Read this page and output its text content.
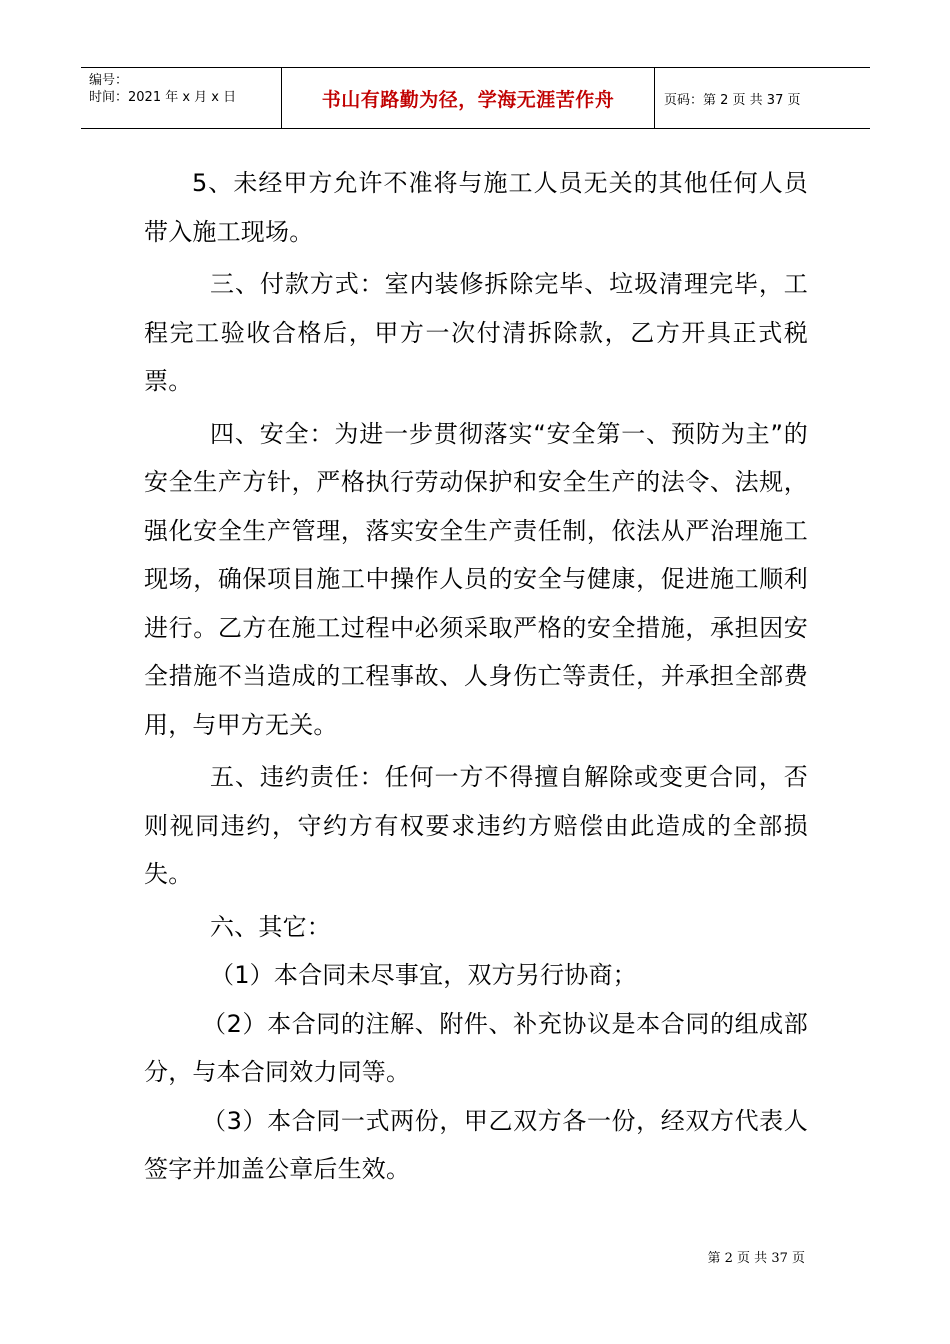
编号：
时间：2021 年 x 月 x 日	书山有路勤为径，学海无涯苦作舟	页码：第 2 页 共 37 页

5、未经甲方允许不准将与施工人员无关的其他任何人员带入施工现场。

三、付款方式：室内装修拆除完毕、垃圾清理完毕，工程完工验收合格后，甲方一次付清拆除款，乙方开具正式税票。

四、安全：为进一步贯彻落实“安全第一、预防为主”的安全生产方针，严格执行劳动保护和安全生产的法令、法规，强化安全生产管理，落实安全生产责任制，依法从严治理施工现场，确保项目施工中操作人员的安全与健康，促进施工顺利进行。乙方在施工过程中必须采取严格的安全措施，承担因安全措施不当造成的工程事故、人身伤亡等责任，并承担全部费用，与甲方无关。

五、违约责任：任何一方不得擅自解除或变更合同，否则视同违约，守约方有权要求违约方赔偿由此造成的全部损失。

六、其它：

（1）本合同未尽事宜，双方另行协商；

（2）本合同的注解、附件、补充协议是本合同的组成部分，与本合同效力同等。

（3）本合同一式两份，甲乙双方各一份，经双方代表人签字并加盖公章后生效。

第 2 页 共 37 页
